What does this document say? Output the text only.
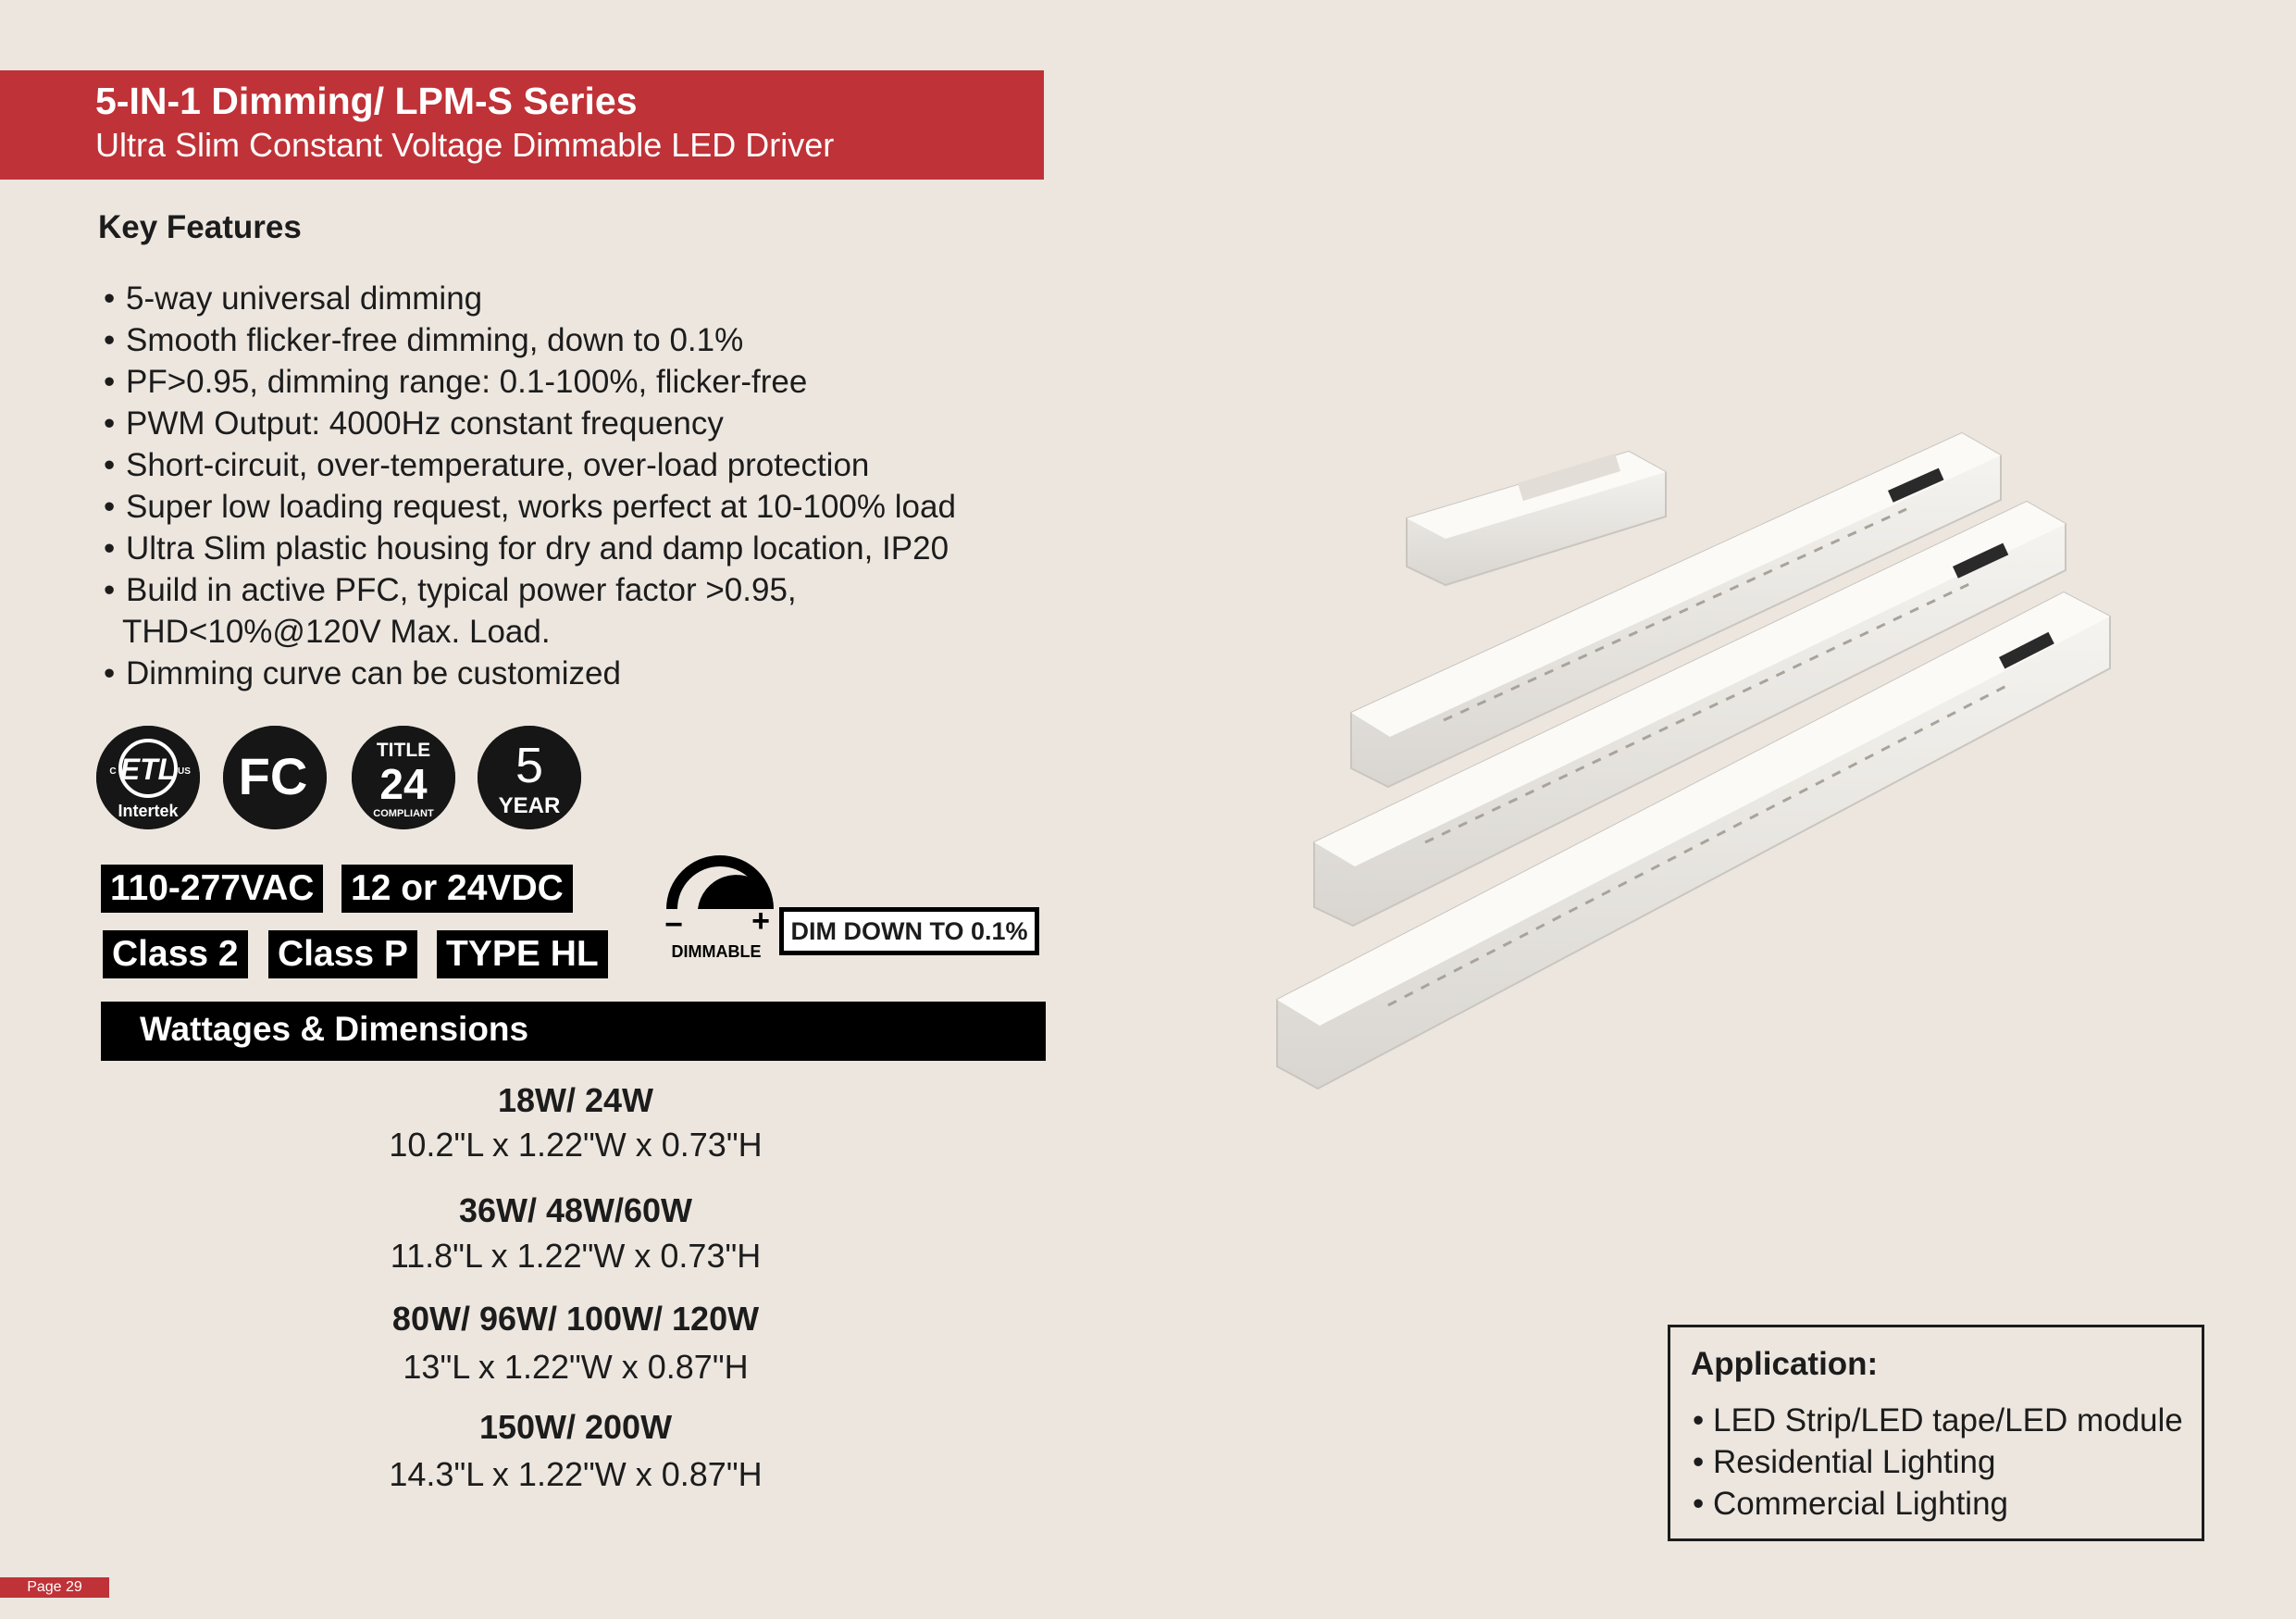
5-IN-1 Dimming/ LPM-S Series
Ultra Slim Constant Voltage Dimmable LED Driver
Key Features
• 5-way universal dimming
• Smooth flicker-free dimming, down to 0.1%
• PF>0.95, dimming range: 0.1-100%, flicker-free
• PWM Output: 4000Hz constant frequency
• Short-circuit, over-temperature, over-load protection
• Super low loading request, works perfect at 10-100% load
• Ultra Slim plastic housing for dry and damp location, IP20
• Build in active PFC, typical power factor >0.95,
THD<10%@120V Max. Load.
• Dimming curve can be customized
ETL
C	US
Intertek
FC	TITLE
24
COMPLIANT
5
YEAR
110-277VAC 12 or 24VDC
Class 2 Class P TYPE HL
− +
DIMMABLE
DIM DOWN TO 0.1%
Wattages & Dimensions
18W/ 24W
10.2"L x 1.22"W x 0.73"H
36W/ 48W/60W
11.8"L x 1.22"W x 0.73"H
80W/ 96W/ 100W/ 120W
13"L x 1.22"W x 0.87"H
150W/ 200W
14.3"L x 1.22"W x 0.87"H
Application:
• LED Strip/LED tape/LED module
• Residential Lighting
• Commercial Lighting
Page 29
